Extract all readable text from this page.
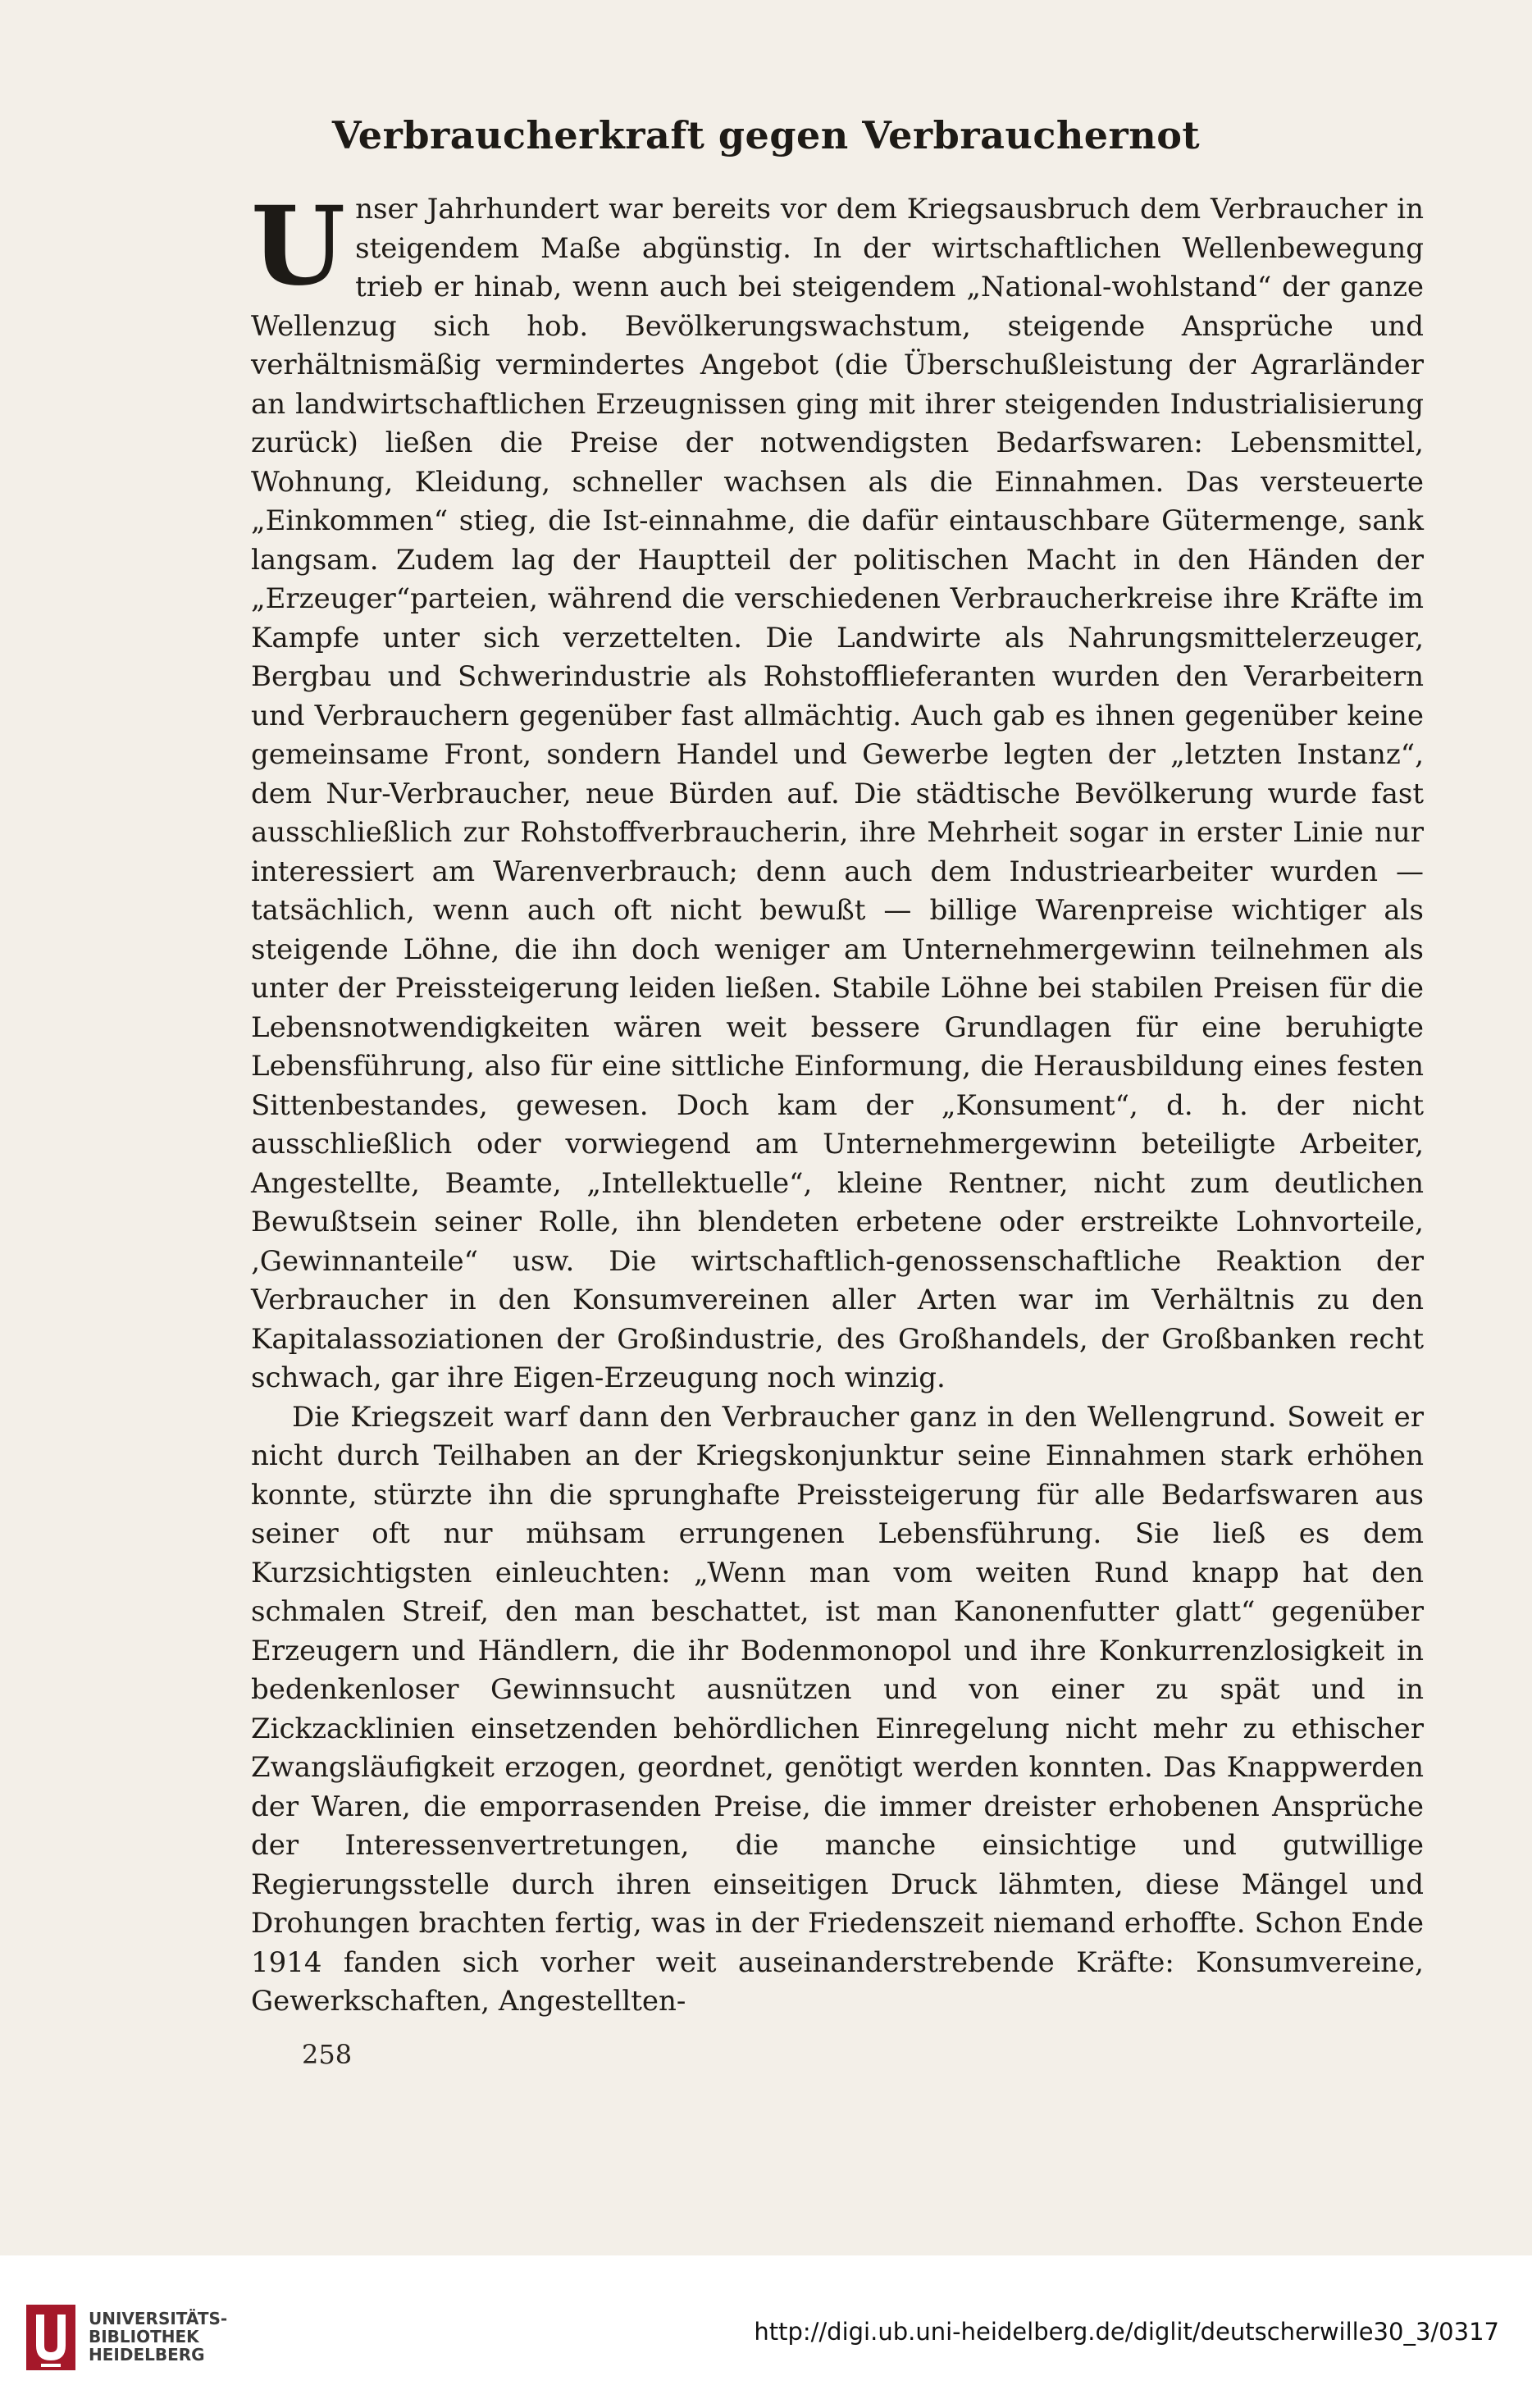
Verbraucherkraft gegen Verbrauchernot

Unser Jahrhundert war bereits vor dem Kriegsausbruch dem Verbraucher in steigendem Maße abgünstig. In der wirtschaftlichen Wellenbewegung trieb er hinab, wenn auch bei steigendem „National-wohlstand“ der ganze Wellenzug sich hob. Bevölkerungswachstum, steigende Ansprüche und verhältnismäßig vermindertes Angebot (die Überschußleistung der Agrarländer an landwirtschaftlichen Erzeugnissen ging mit ihrer steigenden Industrialisierung zurück) ließen die Preise der notwendigsten Bedarfswaren: Lebensmittel, Wohnung, Kleidung, schneller wachsen als die Einnahmen. Das versteuerte „Einkommen“ stieg, die Ist-einnahme, die dafür eintauschbare Gütermenge, sank langsam. Zudem lag der Hauptteil der politischen Macht in den Händen der „Erzeuger“parteien, während die verschiedenen Verbraucherkreise ihre Kräfte im Kampfe unter sich verzettelten. Die Landwirte als Nahrungsmittelerzeuger, Bergbau und Schwerindustrie als Rohstofflieferanten wurden den Verarbeitern und Verbrauchern gegenüber fast allmächtig. Auch gab es ihnen gegenüber keine gemeinsame Front, sondern Handel und Gewerbe legten der „letzten Instanz“, dem Nur-Verbraucher, neue Bürden auf. Die städtische Bevölkerung wurde fast ausschließlich zur Rohstoffverbraucherin, ihre Mehrheit sogar in erster Linie nur interessiert am Warenverbrauch; denn auch dem Industriearbeiter wurden — tatsächlich, wenn auch oft nicht bewußt — billige Warenpreise wichtiger als steigende Löhne, die ihn doch weniger am Unternehmergewinn teilnehmen als unter der Preissteigerung leiden ließen. Stabile Löhne bei stabilen Preisen für die Lebensnotwendigkeiten wären weit bessere Grundlagen für eine beruhigte Lebensführung, also für eine sittliche Einformung, die Herausbildung eines festen Sittenbestandes, gewesen. Doch kam der „Konsument“, d. h. der nicht ausschließlich oder vorwiegend am Unternehmergewinn beteiligte Arbeiter, Angestellte, Beamte, „Intellektuelle“, kleine Rentner, nicht zum deutlichen Bewußtsein seiner Rolle, ihn blendeten erbetene oder erstreikte Lohnvorteile, ‚Gewinnanteile“ usw. Die wirtschaftlich-genossenschaftliche Reaktion der Verbraucher in den Konsumvereinen aller Arten war im Verhältnis zu den Kapitalassoziationen der Großindustrie, des Großhandels, der Großbanken recht schwach, gar ihre Eigen-Erzeugung noch winzig.

Die Kriegszeit warf dann den Verbraucher ganz in den Wellengrund. Soweit er nicht durch Teilhaben an der Kriegskonjunktur seine Einnahmen stark erhöhen konnte, stürzte ihn die sprunghafte Preissteigerung für alle Bedarfswaren aus seiner oft nur mühsam errungenen Lebensführung. Sie ließ es dem Kurzsichtigsten einleuchten: „Wenn man vom weiten Rund knapp hat den schmalen Streif, den man beschattet, ist man Kanonenfutter glatt“ gegenüber Erzeugern und Händlern, die ihr Bodenmonopol und ihre Konkurrenzlosigkeit in bedenkenloser Gewinnsucht ausnützen und von einer zu spät und in Zickzacklinien einsetzenden behördlichen Einregelung nicht mehr zu ethischer Zwangsläufigkeit erzogen, geordnet, genötigt werden konnten. Das Knappwerden der Waren, die emporrasenden Preise, die immer dreister erhobenen Ansprüche der Interessenvertretungen, die manche einsichtige und gutwillige Regierungsstelle durch ihren einseitigen Druck lähmten, diese Mängel und Drohungen brachten fertig, was in der Friedenszeit niemand erhoffte. Schon Ende 1914 fanden sich vorher weit auseinanderstrebende Kräfte: Konsumvereine, Gewerkschaften, Angestellten-

258
UNIVERSITÄTS-
BIBLIOTHEK
HEIDELBERG
http://digi.ub.uni-heidelberg.de/diglit/deutscherwille30_3/0317
